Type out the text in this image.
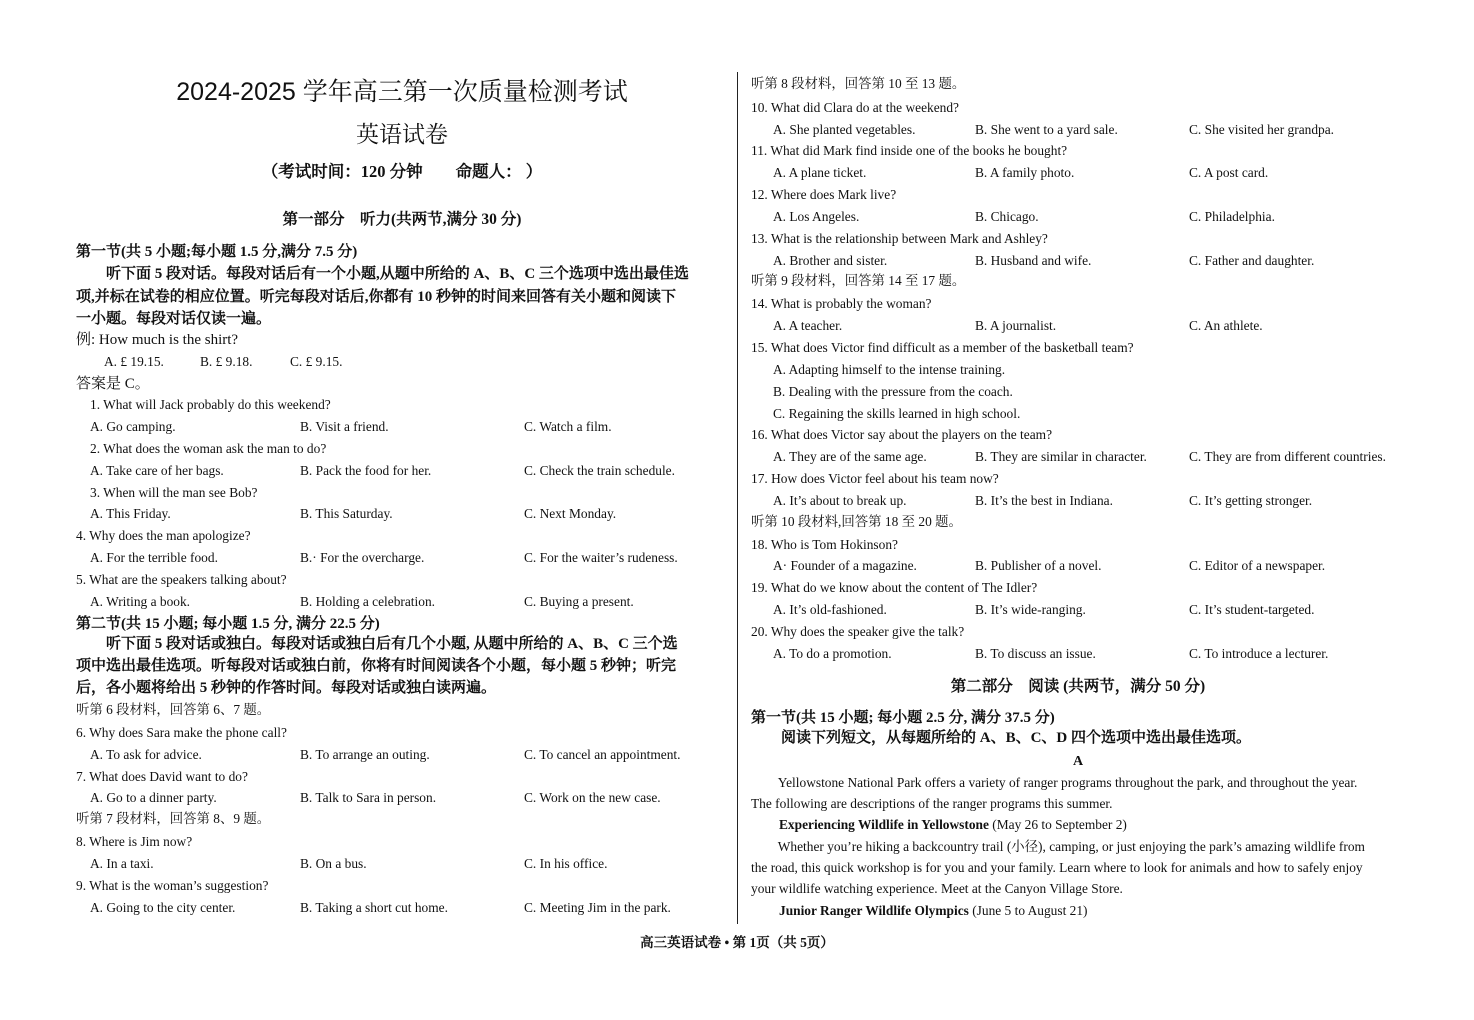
2024-2025 学年高三第一次质量检测考试
英语试卷
（考试时间：120 分钟　　命题人： ）
第一部分　听力(共两节,满分 30 分)
第一节(共 5 小题;每小题 1.5 分,满分 7.5 分)
　　听下面 5 段对话。每段对话后有一个小题,从题中所给的 A、B、C 三个选项中选出最佳选
项,并标在试卷的相应位置。听完每段对话后,你都有 10 秒钟的时间来回答有关小题和阅读下
一小题。每段对话仅读一遍。
例: How much is the shirt?
A. £ 19.15.	B. £ 9.18.	C. £ 9.15.
答案是 C。
1. What will Jack probably do this weekend?
A. Go camping.	B. Visit a friend.	C. Watch a film.
2. What does the woman ask the man to do?
A. Take care of her bags.	B. Pack the food for her.	C. Check the train schedule.
3. When will the man see Bob?
A. This Friday.	B. This Saturday.	C. Next Monday.
4. Why does the man apologize?
A. For the terrible food.	B.· For the overcharge.	C. For the waiter’s rudeness.
5. What are the speakers talking about?
A. Writing a book.	B. Holding a celebration.	C. Buying a present.
第二节(共 15 小题; 每小题 1.5 分, 满分 22.5 分)
　　听下面 5 段对话或独白。每段对话或独白后有几个小题, 从题中所给的 A、B、C 三个选
项中选出最佳选项。听每段对话或独白前，你将有时间阅读各个小题，每小题 5 秒钟；听完
后，各小题将给出 5 秒钟的作答时间。每段对话或独白读两遍。
听第 6 段材料，回答第 6、7 题。
6. Why does Sara make the phone call?
A. To ask for advice.	B. To arrange an outing.	C. To cancel an appointment.
7. What does David want to do?
A. Go to a dinner party.	B. Talk to Sara in person.	C. Work on the new case.
听第 7 段材料，回答第 8、9 题。
8. Where is Jim now?
A. In a taxi.	B. On a bus.	C. In his office.
9. What is the woman’s suggestion?
A. Going to the city center.	B. Taking a short cut home.	C. Meeting Jim in the park.
听第 8 段材料，回答第 10 至 13 题。
10. What did Clara do at the weekend?
A. She planted vegetables.	B. She went to a yard sale.	C. She visited her grandpa.
11. What did Mark find inside one of the books he bought?
A. A plane ticket.	B. A family photo.	C. A post card.
12. Where does Mark live?
A. Los Angeles.	B. Chicago.	C. Philadelphia.
13. What is the relationship between Mark and Ashley?
A. Brother and sister.	B. Husband and wife.	C. Father and daughter.
听第 9 段材料，回答第 14 至 17 题。
14. What is probably the woman?
A. A teacher.	B. A journalist.	C. An athlete.
15. What does Victor find difficult as a member of the basketball team?
A. Adapting himself to the intense training.
B. Dealing with the pressure from the coach.
C. Regaining the skills learned in high school.
16. What does Victor say about the players on the team?
A. They are of the same age.	B. They are similar in character.	C. They are from different countries.
17. How does Victor feel about his team now?
A. It’s about to break up.	B. It’s the best in Indiana.	C. It’s getting stronger.
听第 10 段材料,回答第 18 至 20 题。
18. Who is Tom Hokinson?
A· Founder of a magazine.	B. Publisher of a novel.	C. Editor of a newspaper.
19. What do we know about the content of The Idler?
A. It’s old-fashioned.	B. It’s wide-ranging.	C. It’s student-targeted.
20. Why does the speaker give the talk?
A. To do a promotion.	B. To discuss an issue.	C. To introduce a lecturer.
第二部分　阅读 (共两节，满分 50 分)
第一节(共 15 小题; 每小题 2.5 分, 满分 37.5 分)
　　阅读下列短文，从每题所给的 A、B、C、D 四个选项中选出最佳选项。
A
　　Yellowstone National Park offers a variety of ranger programs throughout the park, and throughout the year.
The following are descriptions of the ranger programs this summer.
Experiencing Wildlife in Yellowstone (May 26 to September 2)
　　Whether you’re hiking a backcountry trail (小径), camping, or just enjoying the park’s amazing wildlife from
the road, this quick workshop is for you and your family. Learn where to look for animals and how to safely enjoy
your wildlife watching experience. Meet at the Canyon Village Store.
Junior Ranger Wildlife Olympics (June 5 to August 21)
高三英语试卷 • 第 1页（共 5页）
